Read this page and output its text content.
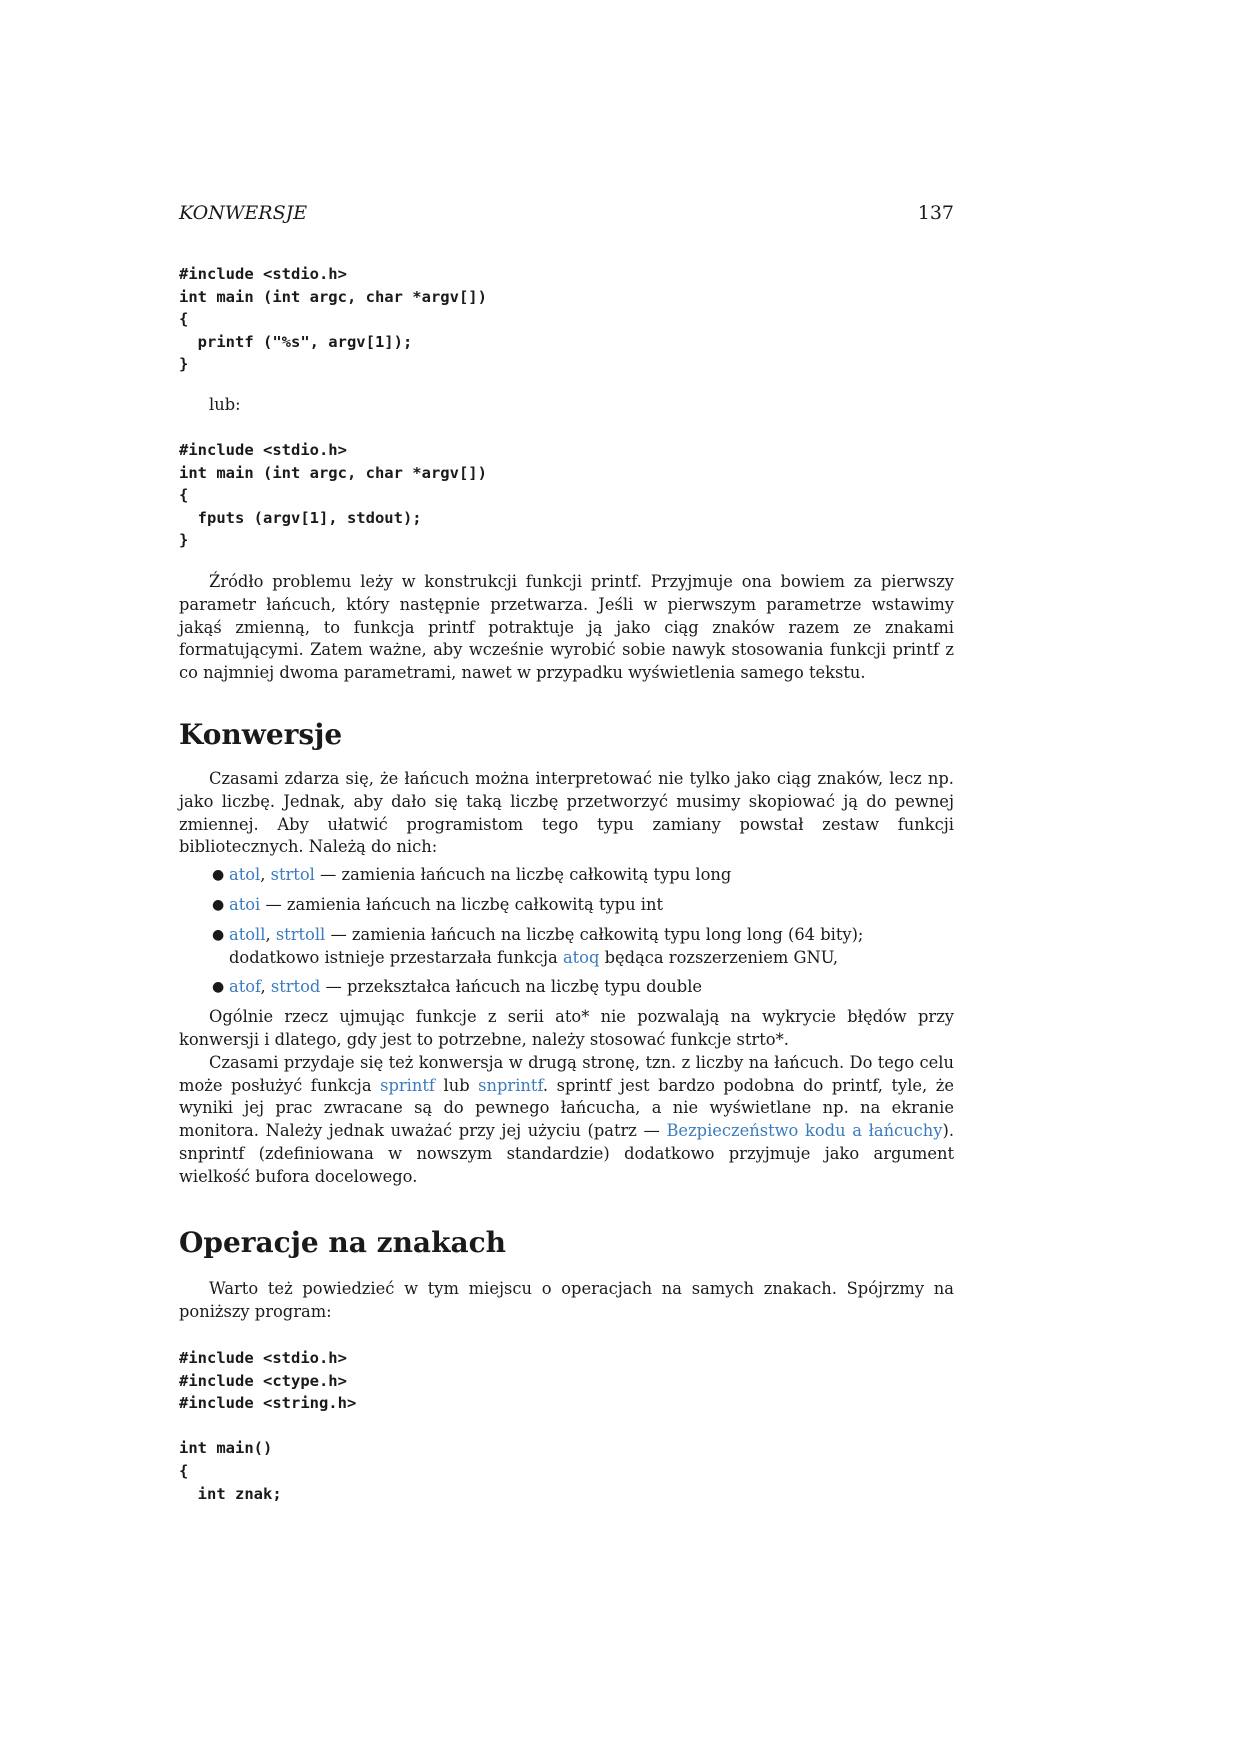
KONWERSJE	137
#include <stdio.h>
int main (int argc, char *argv[])
{
printf ("%s", argv[1]);
}

lub:

#include <stdio.h>
int main (int argc, char *argv[])
{
fputs (argv[1], stdout);
}

Źródło problemu leży w konstrukcji funkcji printf. Przyjmuje ona bowiem za pierwszy parametr łańcuch, który następnie przetwarza. Jeśli w pierwszym parametrze wstawimy jakąś zmienną, to funkcja printf potraktuje ją jako ciąg znaków razem ze znakami formatującymi. Zatem ważne, aby wcześnie wyrobić sobie nawyk stosowania funkcji printf z co najmniej dwoma parametrami, nawet w przypadku wyświetlenia samego tekstu.

Konwersje

Czasami zdarza się, że łańcuch można interpretować nie tylko jako ciąg znaków, lecz np. jako liczbę. Jednak, aby dało się taką liczbę przetworzyć musimy skopiować ją do pewnej zmiennej. Aby ułatwić programistom tego typu zamiany powstał zestaw funkcji bibliotecznych. Należą do nich:

● atol, strtol — zamienia łańcuch na liczbę całkowitą typu long
● atoi — zamienia łańcuch na liczbę całkowitą typu int
● atoll, strtoll — zamienia łańcuch na liczbę całkowitą typu long long (64 bity); dodatkowo istnieje przestarzała funkcja atoq będąca rozszerzeniem GNU,
● atof, strtod — przekształca łańcuch na liczbę typu double

Ogólnie rzecz ujmując funkcje z serii ato* nie pozwalają na wykrycie błędów przy konwersji i dlatego, gdy jest to potrzebne, należy stosować funkcje strto*.

Czasami przydaje się też konwersja w drugą stronę, tzn. z liczby na łańcuch. Do tego celu może posłużyć funkcja sprintf lub snprintf. sprintf jest bardzo podobna do printf, tyle, że wyniki jej prac zwracane są do pewnego łańcucha, a nie wyświetlane np. na ekranie monitora. Należy jednak uważać przy jej użyciu (patrz — Bezpieczeństwo kodu a łańcuchy). snprintf (zdefiniowana w nowszym standardzie) dodatkowo przyjmuje jako argument wielkość bufora docelowego.

Operacje na znakach

Warto też powiedzieć w tym miejscu o operacjach na samych znakach. Spójrzmy na poniższy program:

#include <stdio.h>
#include <ctype.h>
#include <string.h>

int main()
{
int znak;
